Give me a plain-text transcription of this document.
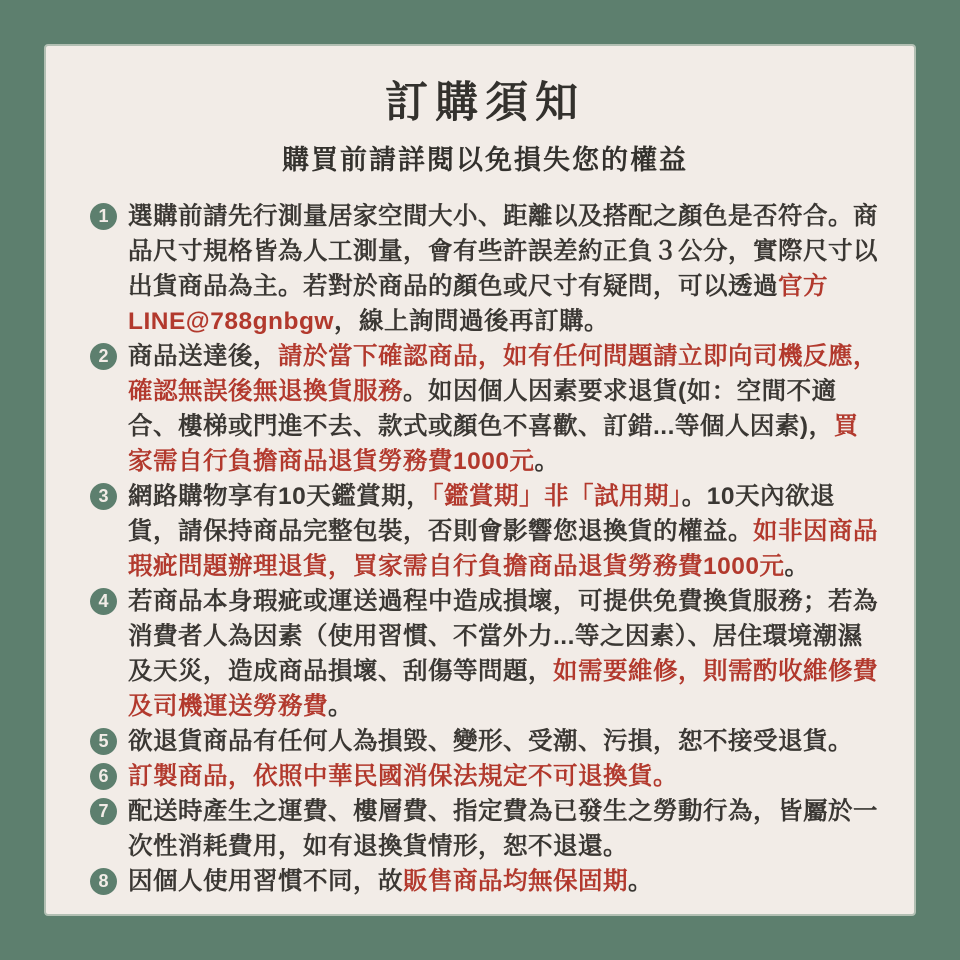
訂購須知
購買前請詳閱以免損失您的權益
1 選購前請先行測量居家空間大小、距離以及搭配之顏色是否符合。商品尺寸規格皆為人工測量，會有些許誤差約正負３公分，實際尺寸以出貨商品為主。若對於商品的顏色或尺寸有疑問，可以透過官方LINE@788gnbgw，線上詢問過後再訂購。

2 商品送達後，請於當下確認商品，如有任何問題請立即向司機反應，確認無誤後無退換貨服務。如因個人因素要求退貨(如：空間不適合、樓梯或門進不去、款式或顏色不喜歡、訂錯...等個人因素)，買家需自行負擔商品退貨勞務費1000元。

3 網路購物享有10天鑑賞期，「鑑賞期」非「試用期」。10天內欲退貨，請保持商品完整包裝，否則會影響您退換貨的權益。如非因商品瑕疵問題辦理退貨，買家需自行負擔商品退貨勞務費1000元。

4 若商品本身瑕疵或運送過程中造成損壞，可提供免費換貨服務；若為消費者人為因素（使用習慣、不當外力...等之因素）、居住環境潮濕及天災，造成商品損壞、刮傷等問題，如需要維修，則需酌收維修費及司機運送勞務費。

5 欲退貨商品有任何人為損毀、變形、受潮、污損，恕不接受退貨。

6 訂製商品，依照中華民國消保法規定不可退換貨。

7 配送時產生之運費、樓層費、指定費為已發生之勞動行為，皆屬於一次性消耗費用，如有退換貨情形，恕不退還。

8 因個人使用習慣不同，故販售商品均無保固期。
